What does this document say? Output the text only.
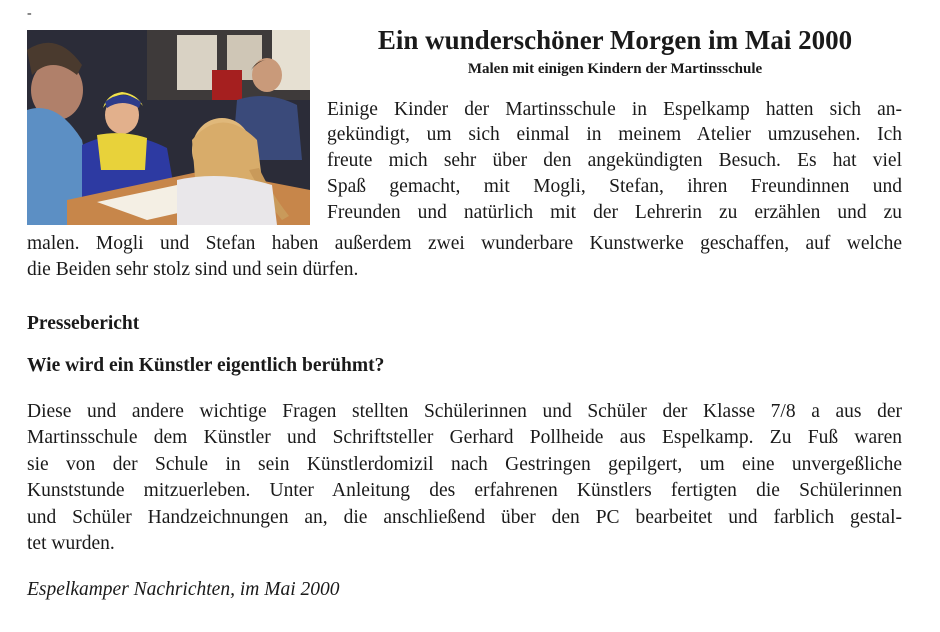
-
Ein wunderschöner Morgen im Mai 2000
Malen mit einigen Kindern der Martinsschule

Einige Kinder der Martinsschule in Espelkamp hatten sich an-

gekündigt, um sich einmal in meinem Atelier umzusehen. Ich

freute mich sehr über den angekündigten Besuch. Es hat viel

Spaß gemacht, mit Mogli, Stefan, ihren Freundinnen und

Freunden und natürlich mit der Lehrerin zu erzählen und zu

malen. Mogli und Stefan haben außerdem zwei wunderbare Kunstwerke geschaffen, auf welche

die Beiden sehr stolz sind und sein dürfen.

Pressebericht
Wie wird ein Künstler eigentlich berühmt?

Diese und andere wichtige Fragen stellten Schülerinnen und Schüler der Klasse 7/8 a aus der

Martinsschule dem Künstler und Schriftsteller Gerhard Pollheide aus Espelkamp. Zu Fuß waren

sie von der Schule in sein Künstlerdomizil nach Gestringen gepilgert, um eine unvergeßliche

Kunststunde mitzuerleben. Unter Anleitung des erfahrenen Künstlers fertigten die Schülerinnen

und Schüler Handzeichnungen an, die anschließend über den PC bearbeitet und farblich gestal-

tet wurden.

Espelkamper Nachrichten, im Mai 2000
